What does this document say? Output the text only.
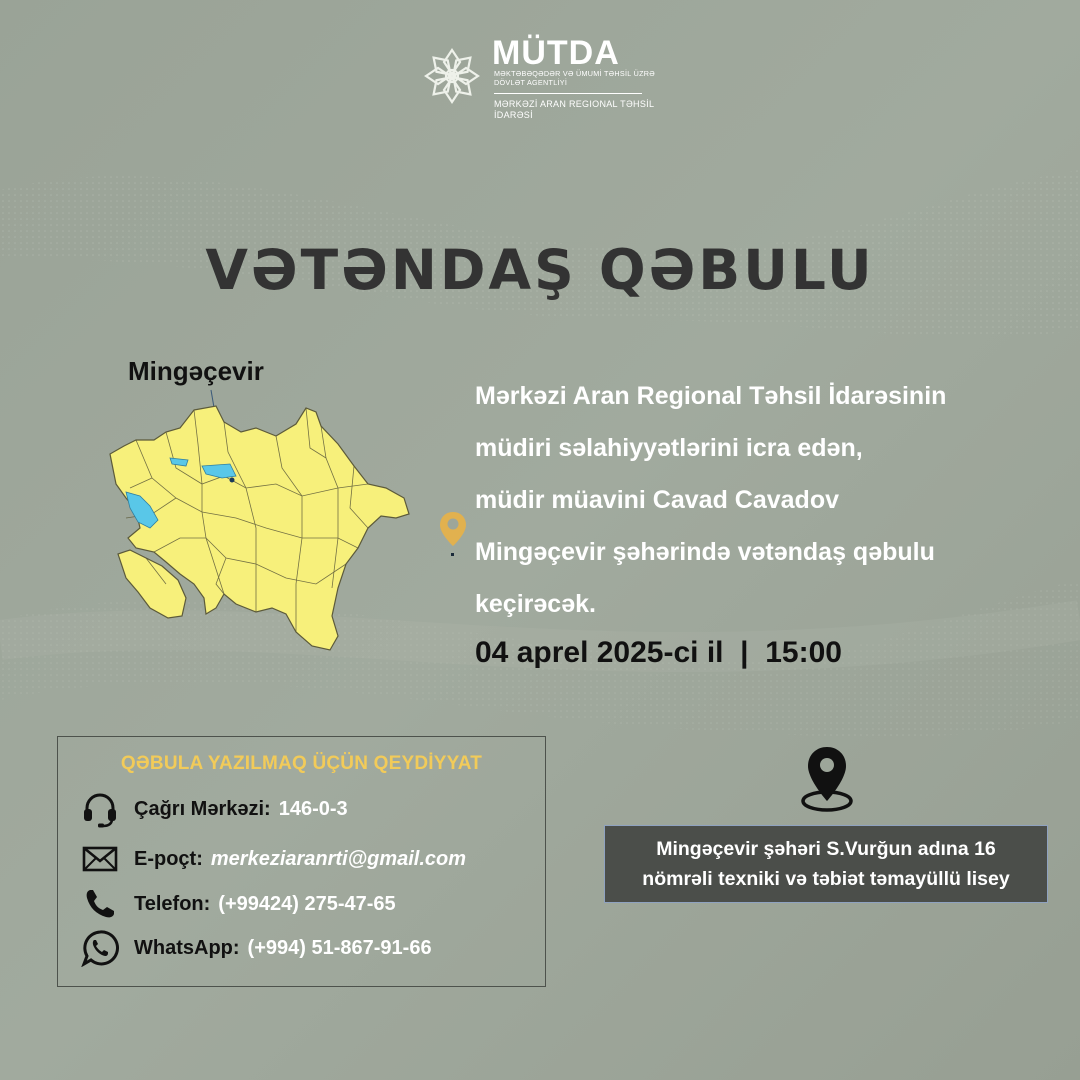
MÜTDA
MƏKTƏBƏQƏDƏR VƏ ÜMUMİ TƏHSİL ÜZRƏ DÖVLƏT AGENTLİYİ
MƏRKƏZİ ARAN REGIONAL TƏHSİL İDARƏSİ
VƏTƏNDAŞ QƏBULU
Mingəçevir
Mərkəzi Aran Regional Təhsil İdarəsinin
müdiri səlahiyyətlərini icra edən,
müdir müavini Cavad Cavadov
Mingəçevir şəhərində vətəndaş qəbulu
keçirəcək.
04 aprel 2025-ci il | 15:00
QƏBULA YAZILMAQ ÜÇÜN QEYDİYYAT
Çağrı Mərkəzi: 146-0-3
E-poçt: merkeziaranrti@gmail.com
Telefon: (+99424) 275-47-65
WhatsApp: (+994) 51-867-91-66
Mingəçevir şəhəri S.Vurğun adına 16
nömrəli texniki və təbiət təmayüllü lisey
